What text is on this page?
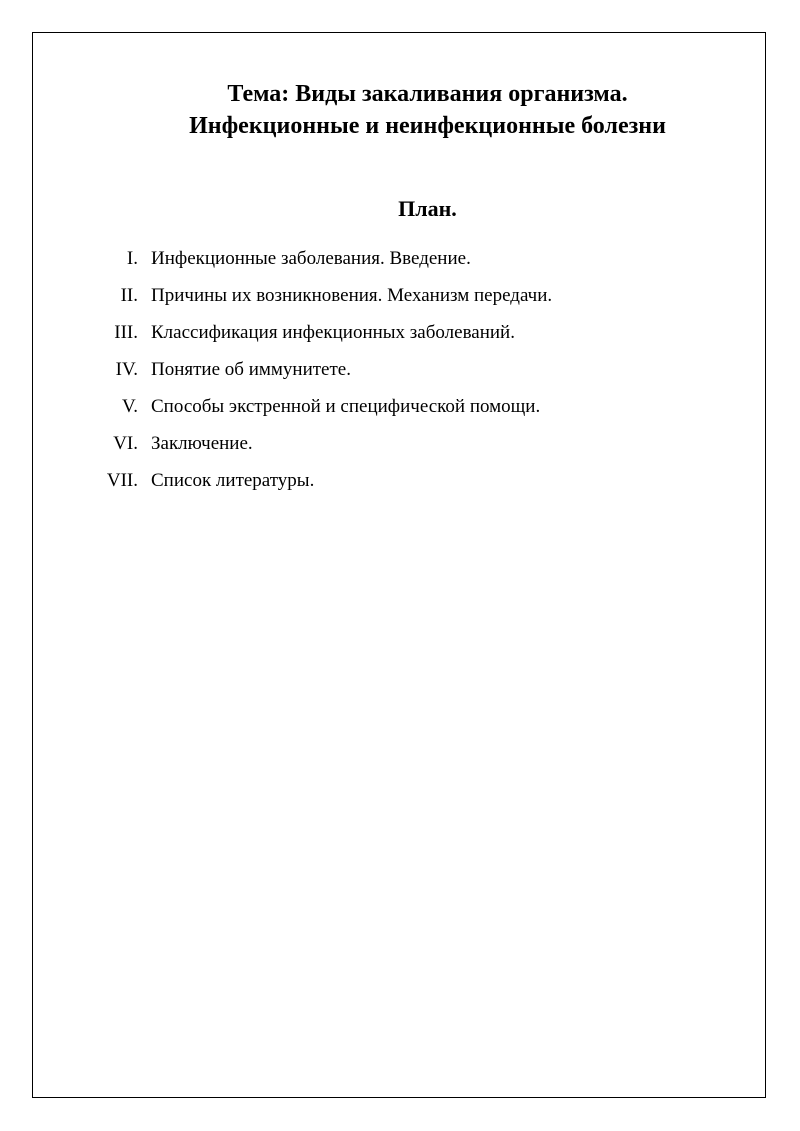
Тема: Виды закаливания организма.
Инфекционные и неинфекционные болезни
План.
I. Инфекционные заболевания. Введение.
II. Причины их возникновения. Механизм передачи.
III. Классификация инфекционных заболеваний.
IV. Понятие об иммунитете.
V. Способы экстренной и специфической помощи.
VI. Заключение.
VII. Список литературы.
